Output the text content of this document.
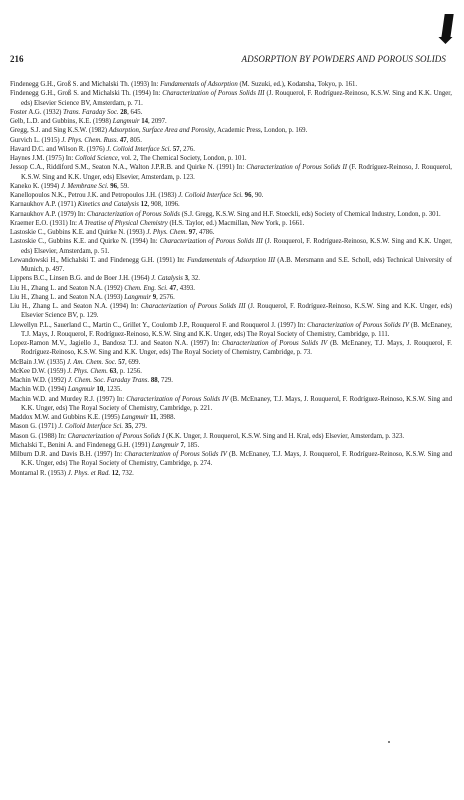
216	ADSORPTION BY POWDERS AND POROUS SOLIDS

Findenegg G.H., Groß S. and Michalski Th. (1993) In: Fundamentals of Adsorption (M. Suzuki, ed.), Kodansha, Tokyo, p. 161.

Findenegg G.H., Groß S. and Michalski Th. (1994) In: Characterization of Porous Solids III (J. Rouquerol, F. Rodríguez-Reinoso, K.S.W. Sing and K.K. Unger, eds) Elsevier Science BV, Amsterdam, p. 71.

Foster A.G. (1932) Trans. Faraday Soc. 28, 645.

Gelb, L.D. and Gubbins, K.E. (1998) Langmuir 14, 2097.

Gregg, S.J. and Sing K.S.W. (1982) Adsorption, Surface Area and Porosity, Academic Press, London, p. 169.

Gurvich L. (1915) J. Phys. Chem. Russ. 47, 805.

Havard D.C. and Wilson R. (1976) J. Colloid Interface Sci. 57, 276.

Haynes J.M. (1975) In: Colloid Science, vol. 2, The Chemical Society, London, p. 101.

Jessop C.A., Riddiford S.M., Seaton N.A., Walton J.P.R.B. and Quirke N. (1991) In: Characterization of Porous Solids II (F. Rodríguez-Reinoso, J. Rouquerol, K.S.W. Sing and K.K. Unger, eds) Elsevier, Amsterdam, p. 123.

Kaneko K. (1994) J. Membrane Sci. 96, 59.

Kanellopoulos N.K., Petrou J.K. and Petropoulos J.H. (1983) J. Colloid Interface Sci. 96, 90.

Karnaukhov A.P. (1971) Kinetics and Catalysis 12, 908, 1096.

Karnaukhov A.P. (1979) In: Characterization of Porous Solids (S.J. Gregg, K.S.W. Sing and H.F. Stoeckli, eds) Society of Chemical Industry, London, p. 301.

Kraemer E.O. (1931) In: A Treatise of Physical Chemistry (H.S. Taylor, ed.) Macmillan, New York, p. 1661.

Lastoskie C., Gubbins K.E. and Quirke N. (1993) J. Phys. Chem. 97, 4786.

Lastoskie C., Gubbins K.E. and Quirke N. (1994) In: Characterization of Porous Solids III (J. Rouquerol, F. Rodríguez-Reinoso, K.S.W. Sing and K.K. Unger, eds) Elsevier, Amsterdam, p. 51.

Lewandowski H., Michalski T. and Findenegg G.H. (1991) In: Fundamentals of Adsorption III (A.B. Mersmann and S.E. Scholl, eds) Technical University of Munich, p. 497.

Lippens B.C., Linsen B.G. and de Boer J.H. (1964) J. Catalysis 3, 32.

Liu H., Zhang L. and Seaton N.A. (1992) Chem. Eng. Sci. 47, 4393.

Liu H., Zhang L. and Seaton N.A. (1993) Langmuir 9, 2576.

Liu H., Zhang L. and Seaton N.A. (1994) In: Characterization of Porous Solids III (J. Rouquerol, F. Rodríguez-Reinoso, K.S.W. Sing and K.K. Unger, eds) Elsevier Science BV, p. 129.

Llewellyn P.L., Sauerland C., Martin C., Grillet Y., Coulomb J.P., Rouquerol F. and Rouquerol J. (1997) In: Characterization of Porous Solids IV (B. McEnaney, T.J. Mays, J. Rouquerol, F. Rodríguez-Reinoso, K.S.W. Sing and K.K. Unger, eds) The Royal Society of Chemistry, Cambridge, p. 111.

Lopez-Ramon M.V., Jagiello J., Bandosz T.J. and Seaton N.A. (1997) In: Characterization of Porous Solids IV (B. McEnaney, T.J. Mays, J. Rouquerol, F. Rodríguez-Reinoso, K.S.W. Sing and K.K. Unger, eds) The Royal Society of Chemistry, Cambridge, p. 73.

McBain J.W. (1935) J. Am. Chem. Soc. 57, 699.

McKee D.W. (1959) J. Phys. Chem. 63, p. 1256.

Machin W.D. (1992) J. Chem. Soc. Faraday Trans. 88, 729.

Machin W.D. (1994) Langmuir 10, 1235.

Machin W.D. and Murdey R.J. (1997) In: Characterization of Porous Solids IV (B. McEnaney, T.J. Mays, J. Rouquerol, F. Rodríguez-Reinoso, K.S.W. Sing and K.K. Unger, eds) The Royal Society of Chemistry, Cambridge, p. 221.

Maddox M.W. and Gubbins K.E. (1995) Langmuir 11, 3988.

Mason G. (1971) J. Colloid Interface Sci. 35, 279.

Mason G. (1988) In: Characterization of Porous Solids I (K.K. Unger, J. Rouquerol, K.S.W. Sing and H. Kral, eds) Elsevier, Amsterdam, p. 323.

Michalski T., Benini A. and Findenegg G.H. (1991) Langmuir 7, 185.

Milburn D.R. and Davis B.H. (1997) In: Characterization of Porous Solids IV (B. McEnaney, T.J. Mays, J. Rouquerol, F. Rodríguez-Reinoso, K.S.W. Sing and K.K. Unger, eds) The Royal Society of Chemistry, Cambridge, p. 274.

Montarnal R. (1953) J. Phys. et Rad. 12, 732.
